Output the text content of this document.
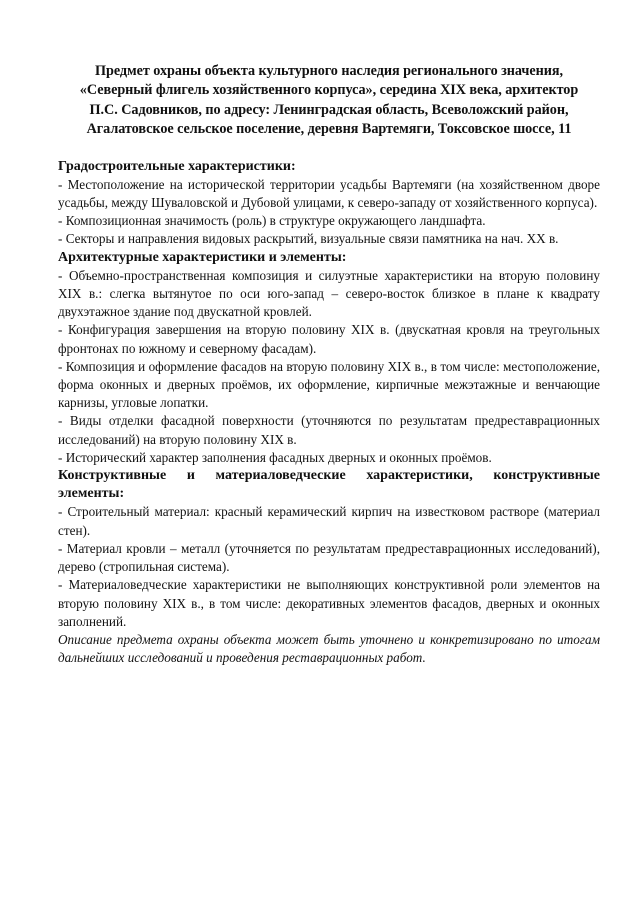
Предмет охраны объекта культурного наследия регионального значения,
«Северный флигель хозяйственного корпуса», середина XIX века, архитектор
П.С. Садовников, по адресу: Ленинградская область, Всеволожский район,
Агалатовское сельское поселение, деревня Вартемяги, Токсовское шоссе, 11

Градостроительные характеристики:

- Местоположение на исторической территории усадьбы Вартемяги (на хозяйственном дворе усадьбы, между Шуваловской и Дубовой улицами, к северо-западу от хозяйственного корпуса).

- Композиционная значимость (роль) в структуре окружающего ландшафта.

- Секторы и направления видовых раскрытий, визуальные связи памятника на нач. XX в.

Архитектурные характеристики и элементы:

- Объемно-пространственная композиция и силуэтные характеристики на вторую половину XIX в.: слегка вытянутое по оси юго-запад – северо-восток близкое в плане к квадрату двухэтажное здание под двускатной кровлей.

- Конфигурация завершения на вторую половину XIX в. (двускатная кровля на треугольных фронтонах по южному и северному фасадам).

- Композиция и оформление фасадов на вторую половину XIX в., в том числе: местоположение, форма оконных и дверных проёмов, их оформление, кирпичные межэтажные и венчающие карнизы, угловые лопатки.

- Виды отделки фасадной поверхности (уточняются по результатам предреставрационных исследований) на вторую половину XIX в.

- Исторический характер заполнения фасадных дверных и оконных проёмов.

Конструктивные и материаловедческие характеристики, конструктивные элементы:

- Строительный материал: красный керамический кирпич на известковом растворе (материал стен).

- Материал кровли – металл (уточняется по результатам предреставрационных исследований), дерево (стропильная система).

- Материаловедческие характеристики не выполняющих конструктивной роли элементов на вторую половину XIX в., в том числе: декоративных элементов фасадов, дверных и оконных заполнений.

Описание предмета охраны объекта может быть уточнено и конкретизировано по итогам дальнейших исследований и проведения реставрационных работ.
